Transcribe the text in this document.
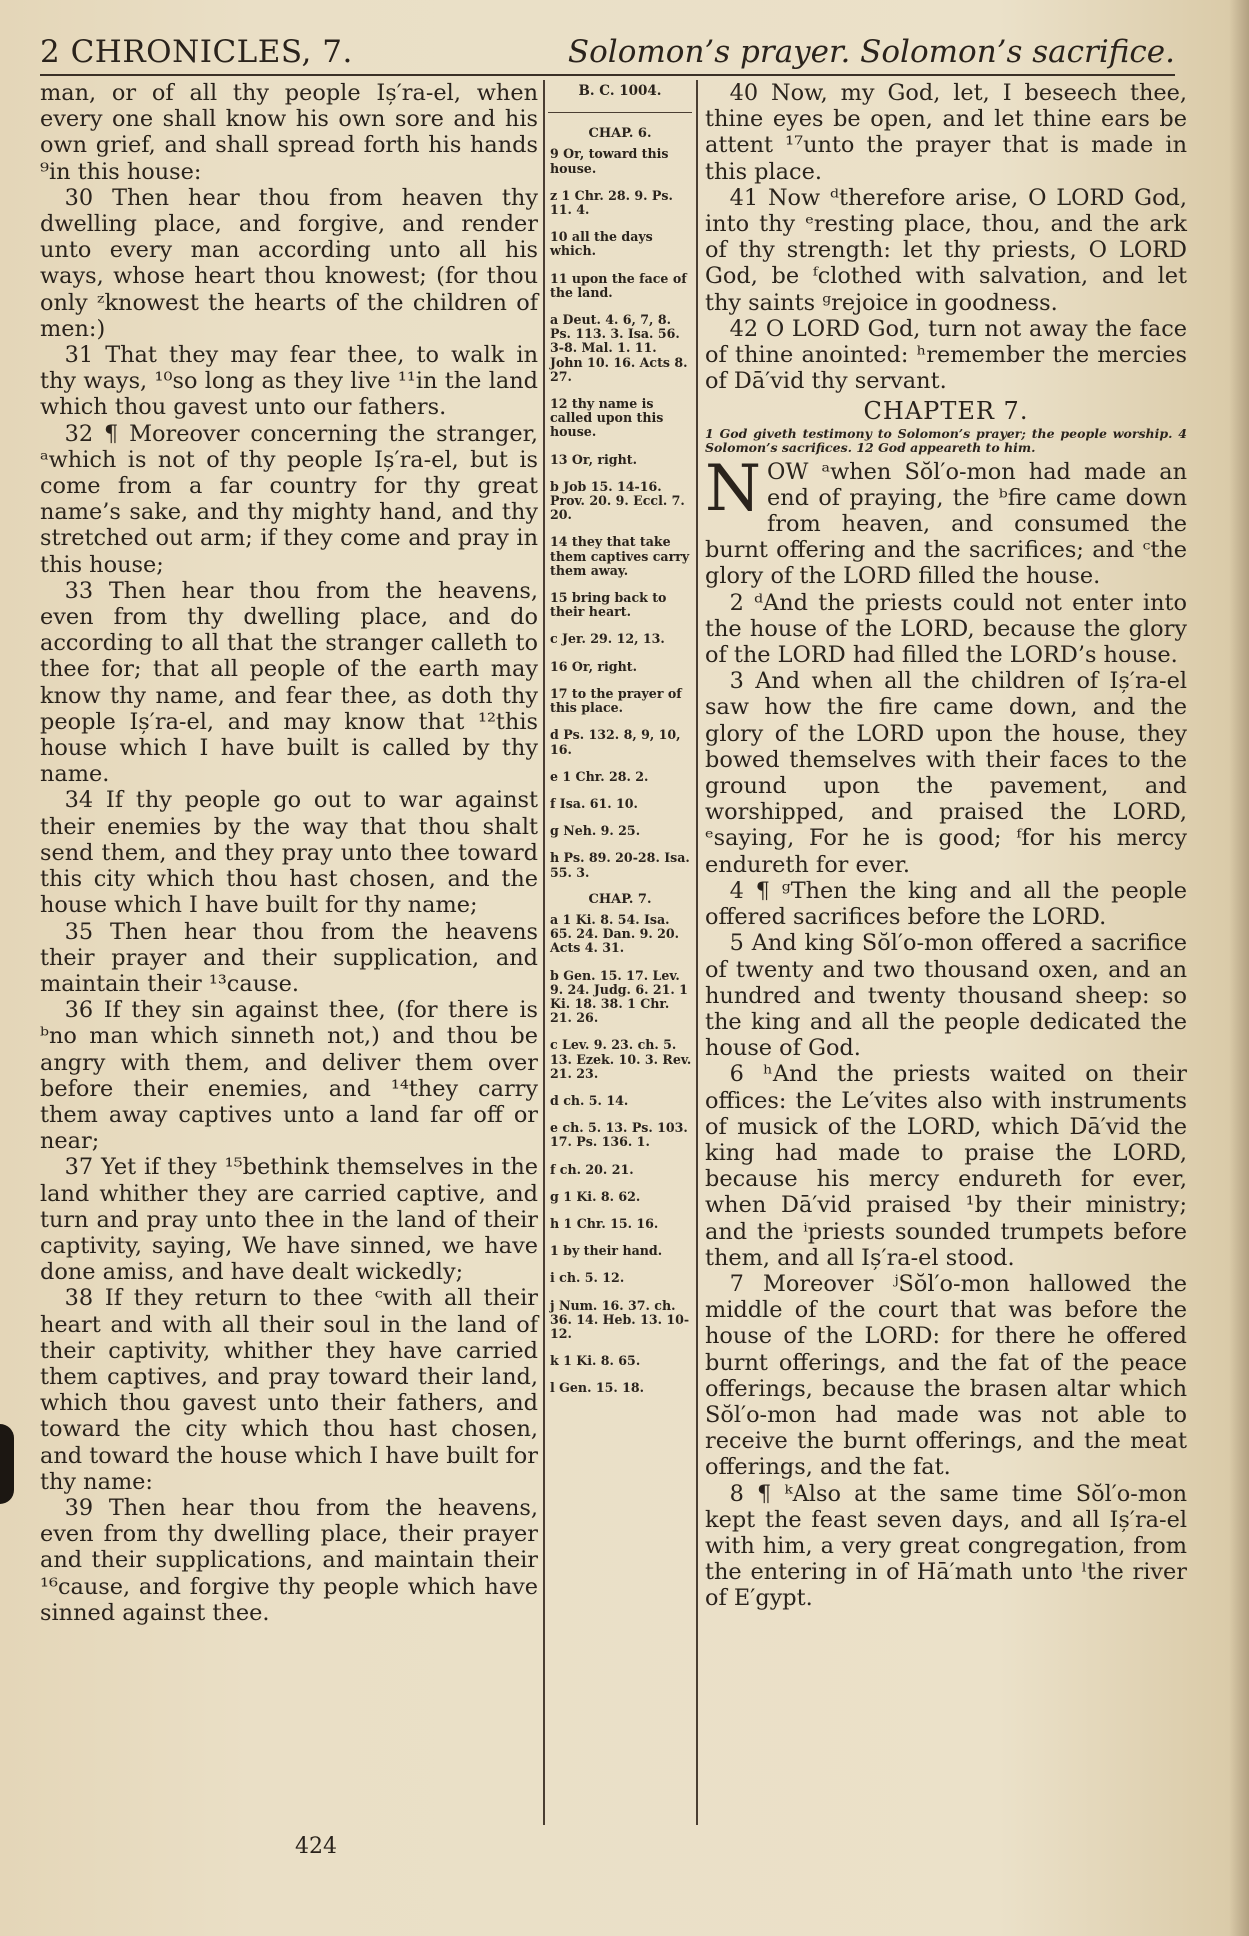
2 CHRONICLES, 7.	Solomon’s prayer. Solomon’s sacrifice.

man, or of all thy people Iș′ra-el, when every one shall know his own sore and his own grief, and shall spread forth his hands ⁹in this house:

30 Then hear thou from heaven thy dwelling place, and forgive, and render unto every man according unto all his ways, whose heart thou knowest; (for thou only ᶻknowest the hearts of the children of men:)

31 That they may fear thee, to walk in thy ways, ¹⁰so long as they live ¹¹in the land which thou gavest unto our fathers.

32 ¶ Moreover concerning the stranger, ᵃwhich is not of thy people Iș′ra-el, but is come from a far country for thy great name’s sake, and thy mighty hand, and thy stretched out arm; if they come and pray in this house;

33 Then hear thou from the heavens, even from thy dwelling place, and do according to all that the stranger calleth to thee for; that all people of the earth may know thy name, and fear thee, as doth thy people Iș′ra-el, and may know that ¹²this house which I have built is called by thy name.

34 If thy people go out to war against their enemies by the way that thou shalt send them, and they pray unto thee toward this city which thou hast chosen, and the house which I have built for thy name;

35 Then hear thou from the heavens their prayer and their supplication, and maintain their ¹³cause.

36 If they sin against thee, (for there is ᵇno man which sinneth not,) and thou be angry with them, and deliver them over before their enemies, and ¹⁴they carry them away captives unto a land far off or near;

37 Yet if they ¹⁵bethink themselves in the land whither they are carried captive, and turn and pray unto thee in the land of their captivity, saying, We have sinned, we have done amiss, and have dealt wickedly;

38 If they return to thee ᶜwith all their heart and with all their soul in the land of their captivity, whither they have carried them captives, and pray toward their land, which thou gavest unto their fathers, and toward the city which thou hast chosen, and toward the house which I have built for thy name:

39 Then hear thou from the heavens, even from thy dwelling place, their prayer and their supplications, and maintain their ¹⁶cause, and forgive thy people which have sinned against thee.

B. C. 1004.
CHAP. 6.

9 Or, toward this house.

z 1 Chr. 28. 9. Ps. 11. 4.

10 all the days which.

11 upon the face of the land.

a Deut. 4. 6, 7, 8. Ps. 113. 3. Isa. 56. 3-8. Mal. 1. 11. John 10. 16. Acts 8. 27.

12 thy name is called upon this house.

13 Or, right.

b Job 15. 14-16. Prov. 20. 9. Eccl. 7. 20.

14 they that take them captives carry them away.

15 bring back to their heart.

c Jer. 29. 12, 13.

16 Or, right.

17 to the prayer of this place.

d Ps. 132. 8, 9, 10, 16.

e 1 Chr. 28. 2.

f Isa. 61. 10.

g Neh. 9. 25.

h Ps. 89. 20-28. Isa. 55. 3.

CHAP. 7.

a 1 Ki. 8. 54. Isa. 65. 24. Dan. 9. 20. Acts 4. 31.

b Gen. 15. 17. Lev. 9. 24. Judg. 6. 21. 1 Ki. 18. 38. 1 Chr. 21. 26.

c Lev. 9. 23. ch. 5. 13. Ezek. 10. 3. Rev. 21. 23.

d ch. 5. 14.

e ch. 5. 13. Ps. 103. 17. Ps. 136. 1.

f ch. 20. 21.

g 1 Ki. 8. 62.

h 1 Chr. 15. 16.

1 by their hand.

i ch. 5. 12.

j Num. 16. 37. ch. 36. 14. Heb. 13. 10-12.

k 1 Ki. 8. 65.

l Gen. 15. 18.

40 Now, my God, let, I beseech thee, thine eyes be open, and let thine ears be attent ¹⁷unto the prayer that is made in this place.

41 Now ᵈtherefore arise, O LORD God, into thy ᵉresting place, thou, and the ark of thy strength: let thy priests, O LORD God, be ᶠclothed with salvation, and let thy saints ᵍrejoice in goodness.

42 O LORD God, turn not away the face of thine anointed: ʰremember the mercies of Dā′vid thy servant.

CHAPTER 7.

1 God giveth testimony to Solomon’s prayer; the people worship. 4 Solomon’s sacrifices. 12 God appeareth to him.

NOW ᵃwhen Sŏl′o-mon had made an end of praying, the ᵇfire came down from heaven, and consumed the burnt offering and the sacrifices; and ᶜthe glory of the LORD filled the house.

2 ᵈAnd the priests could not enter into the house of the LORD, because the glory of the LORD had filled the LORD’s house.

3 And when all the children of Iș′ra-el saw how the fire came down, and the glory of the LORD upon the house, they bowed themselves with their faces to the ground upon the pavement, and worshipped, and praised the LORD, ᵉsaying, For he is good; ᶠfor his mercy endureth for ever.

4 ¶ ᵍThen the king and all the people offered sacrifices before the LORD.

5 And king Sŏl′o-mon offered a sacrifice of twenty and two thousand oxen, and an hundred and twenty thousand sheep: so the king and all the people dedicated the house of God.

6 ʰAnd the priests waited on their offices: the Le′vites also with instruments of musick of the LORD, which Dā′vid the king had made to praise the LORD, because his mercy endureth for ever, when Dā′vid praised ¹by their ministry; and the ⁱpriests sounded trumpets before them, and all Iș′ra-el stood.

7 Moreover ʲSŏl′o-mon hallowed the middle of the court that was before the house of the LORD: for there he offered burnt offerings, and the fat of the peace offerings, because the brasen altar which Sŏl′o-mon had made was not able to receive the burnt offerings, and the meat offerings, and the fat.

8 ¶ ᵏAlso at the same time Sŏl′o-mon kept the feast seven days, and all Iș′ra-el with him, a very great congregation, from the entering in of Hā′math unto ˡthe river of E′gypt.

424
